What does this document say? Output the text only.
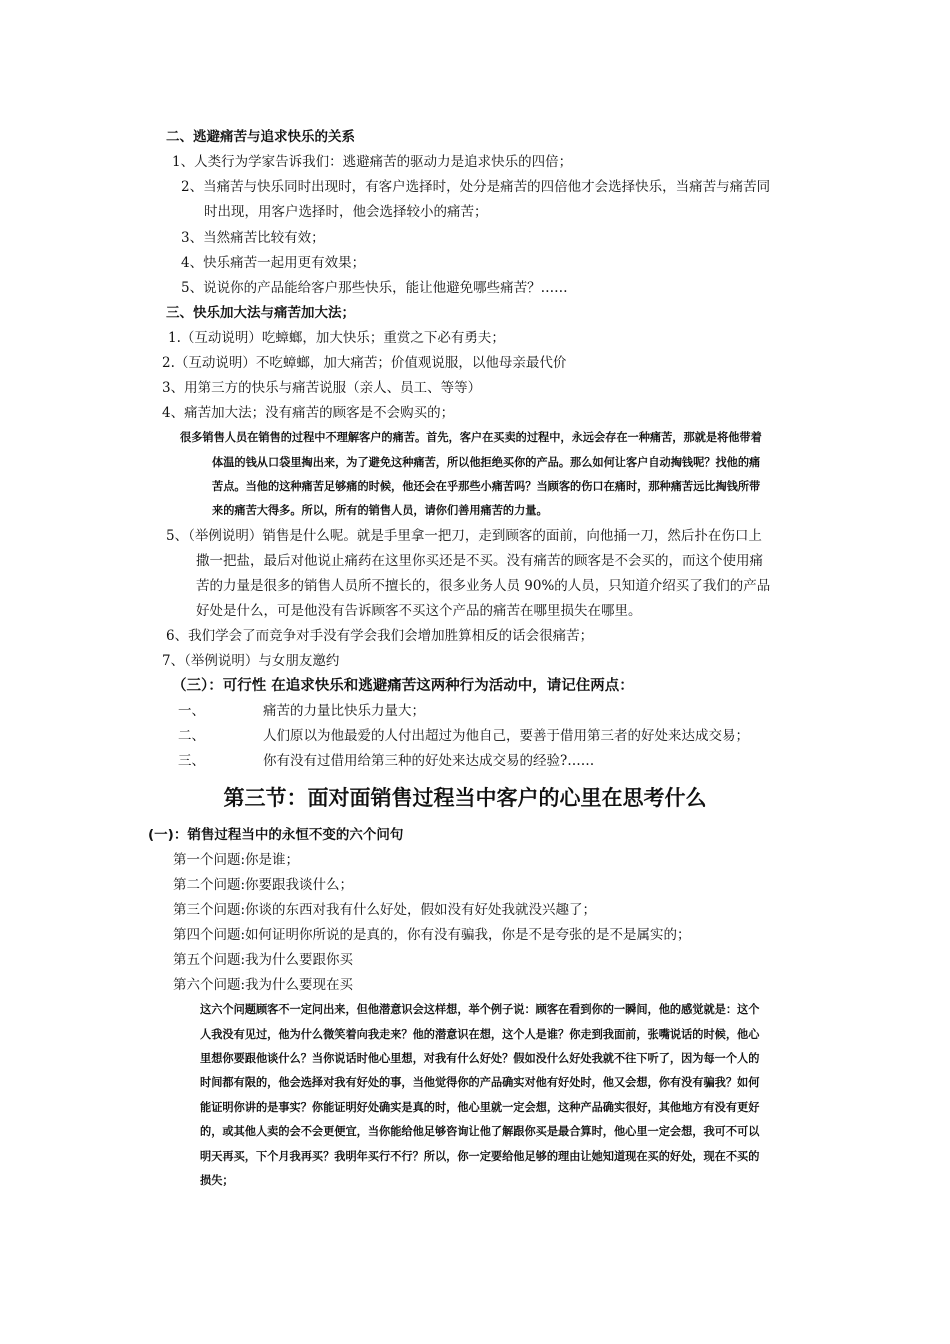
二、逃避痛苦与追求快乐的关系
1、人类行为学家告诉我们：逃避痛苦的驱动力是追求快乐的四倍；
2、当痛苦与快乐同时出现时，有客户选择时，处分是痛苦的四倍他才会选择快乐，当痛苦与痛苦同
时出现，用客户选择时，他会选择较小的痛苦；
3、当然痛苦比较有效；
4、快乐痛苦一起用更有效果；
5、说说你的产品能给客户那些快乐，能让他避免哪些痛苦？……
三、快乐加大法与痛苦加大法；
1.（互动说明）吃蟑螂，加大快乐；重赏之下必有勇夫；
2.（互动说明）不吃蟑螂，加大痛苦；价值观说服，以他母亲最代价
3、用第三方的快乐与痛苦说服（亲人、员工、等等）
4、痛苦加大法；没有痛苦的顾客是不会购买的；
很多销售人员在销售的过程中不理解客户的痛苦。首先，客户在买卖的过程中，永远会存在一种痛苦，那就是将他带着
体温的钱从口袋里掏出来，为了避免这种痛苦，所以他拒绝买你的产品。那么如何让客户自动掏钱呢？找他的痛
苦点。当他的这种痛苦足够痛的时候，他还会在乎那些小痛苦吗？当顾客的伤口在痛时，那种痛苦远比掏钱所带
来的痛苦大得多。所以，所有的销售人员，请你们善用痛苦的力量。
5、（举例说明）销售是什么呢。就是手里拿一把刀，走到顾客的面前，向他捅一刀，然后扑在伤口上
撒一把盐，最后对他说止痛药在这里你买还是不买。没有痛苦的顾客是不会买的，而这个使用痛
苦的力量是很多的销售人员所不擅长的，很多业务人员 90%的人员，只知道介绍买了我们的产品
好处是什么，可是他没有告诉顾客不买这个产品的痛苦在哪里损失在哪里。
6、我们学会了而竞争对手没有学会我们会增加胜算相反的话会很痛苦；
7、（举例说明）与女朋友邀约
（三）：可行性 在追求快乐和逃避痛苦这两种行为活动中，请记住两点：
一、	痛苦的力量比快乐力量大；
二、	人们原以为他最爱的人付出超过为他自己，要善于借用第三者的好处来达成交易；
三、	你有没有过借用给第三种的好处来达成交易的经验?……
第三节：面对面销售过程当中客户的心里在思考什么
(一)：销售过程当中的永恒不变的六个问句
第一个问题:你是谁；
第二个问题:你要跟我谈什么；
第三个问题:你谈的东西对我有什么好处，假如没有好处我就没兴趣了；
第四个问题:如何证明你所说的是真的，你有没有骗我，你是不是夸张的是不是属实的；
第五个问题:我为什么要跟你买
第六个问题:我为什么要现在买
这六个问题顾客不一定问出来，但他潜意识会这样想，举个例子说：顾客在看到你的一瞬间，他的感觉就是：这个
人我没有见过，他为什么微笑着向我走来？他的潜意识在想，这个人是谁？你走到我面前，张嘴说话的时候，他心
里想你要跟他谈什么？当你说话时他心里想，对我有什么好处？假如没什么好处我就不往下听了，因为每一个人的
时间都有限的，他会选择对我有好处的事，当他觉得你的产品确实对他有好处时，他又会想，你有没有骗我？如何
能证明你讲的是事实？你能证明好处确实是真的时，他心里就一定会想，这种产品确实很好，其他地方有没有更好
的，或其他人卖的会不会更便宜，当你能给他足够咨询让他了解跟你买是最合算时，他心里一定会想，我可不可以
明天再买，下个月我再买？我明年买行不行？所以，你一定要给他足够的理由让她知道现在买的好处，现在不买的
损失；
